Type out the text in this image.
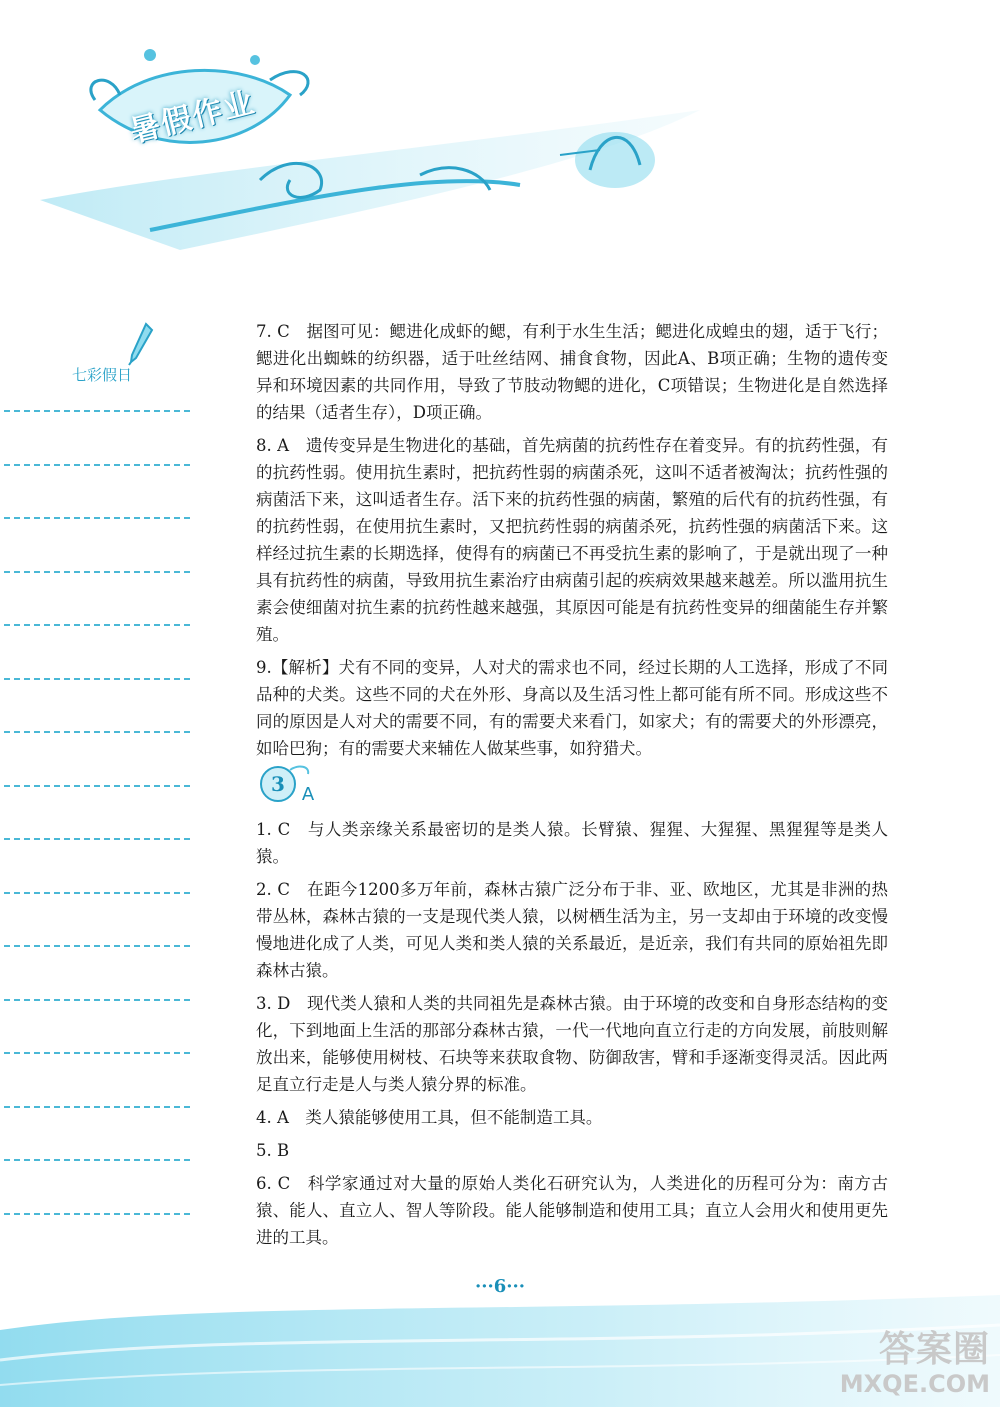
暑假作业
七彩假日

7. C　据图可见：鳃进化成虾的鳃，有利于水生生活；鳃进化成蝗虫的翅，适于飞行；鳃进化出蜘蛛的纺织器，适于吐丝结网、捕食食物，因此A、B项正确；生物的遗传变异和环境因素的共同作用，导致了节肢动物鳃的进化，C项错误；生物进化是自然选择的结果（适者生存），D项正确。

8. A　遗传变异是生物进化的基础，首先病菌的抗药性存在着变异。有的抗药性强，有的抗药性弱。使用抗生素时，把抗药性弱的病菌杀死，这叫不适者被淘汰；抗药性强的病菌活下来，这叫适者生存。活下来的抗药性强的病菌，繁殖的后代有的抗药性强，有的抗药性弱，在使用抗生素时，又把抗药性弱的病菌杀死，抗药性强的病菌活下来。这样经过抗生素的长期选择，使得有的病菌已不再受抗生素的影响了，于是就出现了一种具有抗药性的病菌，导致用抗生素治疗由病菌引起的疾病效果越来越差。所以滥用抗生素会使细菌对抗生素的抗药性越来越强，其原因可能是有抗药性变异的细菌能生存并繁殖。

9.【解析】犬有不同的变异，人对犬的需求也不同，经过长期的人工选择，形成了不同品种的犬类。这些不同的犬在外形、身高以及生活习性上都可能有所不同。形成这些不同的原因是人对犬的需要不同，有的需要犬来看门，如家犬；有的需要犬的外形漂亮，如哈巴狗；有的需要犬来辅佐人做某些事，如狩猎犬。

3 A

1. C　与人类亲缘关系最密切的是类人猿。长臂猿、猩猩、大猩猩、黑猩猩等是类人猿。

2. C　在距今1200多万年前，森林古猿广泛分布于非、亚、欧地区，尤其是非洲的热带丛林，森林古猿的一支是现代类人猿，以树栖生活为主，另一支却由于环境的改变慢慢地进化成了人类，可见人类和类人猿的关系最近，是近亲，我们有共同的原始祖先即森林古猿。

3. D　现代类人猿和人类的共同祖先是森林古猿。由于环境的改变和自身形态结构的变化，下到地面上生活的那部分森林古猿，一代一代地向直立行走的方向发展，前肢则解放出来，能够使用树枝、石块等来获取食物、防御敌害，臂和手逐渐变得灵活。因此两足直立行走是人与类人猿分界的标准。

4. A　类人猿能够使用工具，但不能制造工具。

5. B

6. C　科学家通过对大量的原始人类化石研究认为，人类进化的历程可分为：南方古猿、能人、直立人、智人等阶段。能人能够制造和使用工具；直立人会用火和使用更先进的工具。

···6···
答案圈
MXQE.COM
